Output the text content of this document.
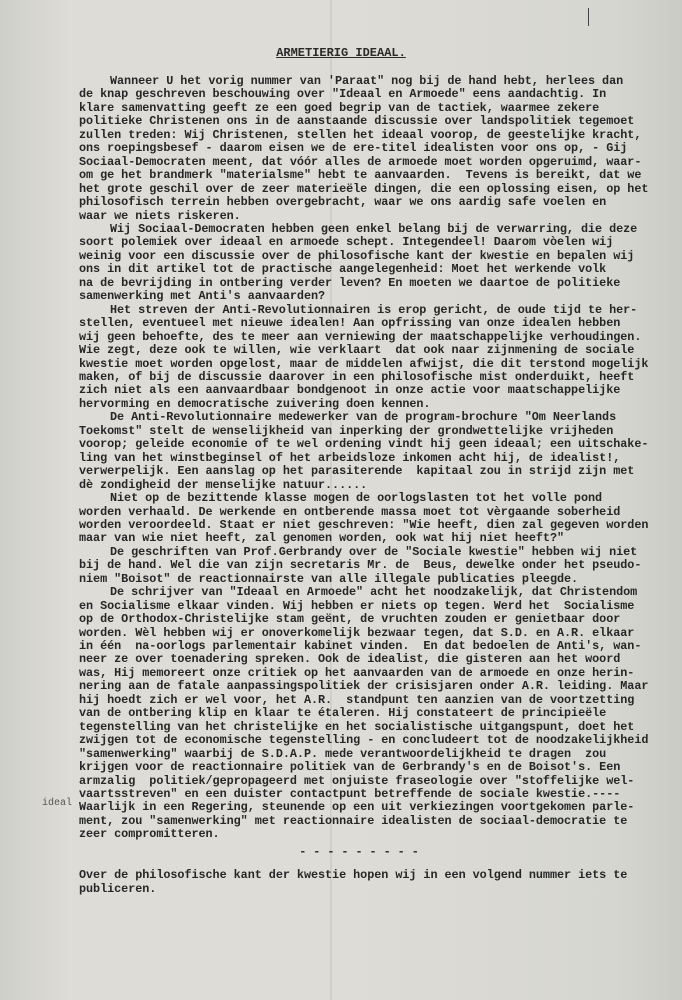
ARMETIERIG IDEAAL.
ideal
Wanneer U het vorig nummer van 'Paraat" nog bij de hand hebt, herlees dan
de knap geschreven beschouwing over "Ideaal en Armoede" eens aandachtig. In
klare samenvatting geeft ze een goed begrip van de tactiek, waarmee zekere
politieke Christenen ons in de aanstaande discussie over landspolitiek tegemoet
zullen treden: Wij Christenen, stellen het ideaal voorop, de geestelijke kracht,
ons roepingsbesef - daarom eisen we de ere-titel idealisten voor ons op, - Gij
Sociaal-Democraten meent, dat vóór alles de armoede moet worden opgeruimd, waar-
om ge het brandmerk "materialsme" hebt te aanvaarden.  Tevens is bereikt, dat we
het grote geschil over de zeer materieële dingen, die een oplossing eisen, op het
philosofisch terrein hebben overgebracht, waar we ons aardig safe voelen en
waar we niets riskeren.
Wij Sociaal-Democraten hebben geen enkel belang bij de verwarring, die deze
soort polemiek over ideaal en armoede schept. Integendeel! Daarom vòelen wij
weinig voor een discussie over de philosofische kant der kwestie en bepalen wij
ons in dit artikel tot de practische aangelegenheid: Moet het werkende volk
na de bevrijding in ontbering verder leven? En moeten we daartoe de politieke
samenwerking met Anti's aanvaarden?
Het streven der Anti-Revolutionnairen is erop gericht, de oude tijd te her-
stellen, eventueel met nieuwe idealen! Aan opfrissing van onze idealen hebben
wij geen behoefte, des te meer aan verniewing der maatschappelijke verhoudingen.
Wie zegt, deze ook te willen, wie verklaart  dat ook naar zijnmening de sociale
kwestie moet worden opgelost, maar de middelen afwijst, die dit terstond mogelijk
maken, of bij de discussie daarover in een philosofische mist onderduikt, heeft
zich niet als een aanvaardbaar bondgenoot in onze actie voor maatschappelijke
hervorming en democratische zuivering doen kennen.
De Anti-Revolutionnaire medewerker van de program-brochure "Om Neerlands
Toekomst" stelt de wenselijkheid van inperking der grondwettelijke vrijheden
voorop; geleide economie of te wel ordening vindt hij geen ideaal; een uitschake-
ling van het winstbeginsel of het arbeidsloze inkomen acht hij, de idealist!,
verwerpelijk. Een aanslag op het parasiterende  kapitaal zou in strijd zijn met
dè zondigheid der menselijke natuur......
Niet op de bezittende klasse mogen de oorlogslasten tot het volle pond
worden verhaald. De werkende en ontberende massa moet tot vèrgaande soberheid
worden veroordeeld. Staat er niet geschreven: "Wie heeft, dien zal gegeven worden
maar van wie niet heeft, zal genomen worden, ook wat hij niet heeft?"
De geschriften van Prof.Gerbrandy over de "Sociale kwestie" hebben wij niet
bij de hand. Wel die van zijn secretaris Mr. de  Beus, dewelke onder het pseudo-
niem "Boisot" de reactionnairste van alle illegale publicaties pleegde.
De schrijver van "Ideaal en Armoede" acht het noodzakelijk, dat Christendom
en Socialisme elkaar vinden. Wij hebben er niets op tegen. Werd het  Socialisme
op de Orthodox-Christelijke stam geënt, de vruchten zouden er genietbaar door
worden. Wèl hebben wij er onoverkomelijk bezwaar tegen, dat S.D. en A.R. elkaar
in één  na-oorlogs parlementair kabinet vinden.  En dat bedoelen de Anti's, wan-
neer ze over toenadering spreken. Ook de idealist, die gisteren aan het woord
was, Hij memoreert onze critiek op het aanvaarden van de armoede en onze herin-
nering aan de fatale aanpassingspolitiek der crisisjaren onder A.R. leiding. Maar
hij hoedt zich er wel voor, het A.R.  standpunt ten aanzien van de voortzetting
van de ontbering klip en klaar te étaleren. Hij constateert de principieële
tegenstelling van het christelijke en het socialistische uitgangspunt, doet het
zwijgen tot de economische tegenstelling - en concludeert tot de noodzakelijkheid
"samenwerking" waarbij de S.D.A.P. mede verantwoordelijkheid te dragen  zou
krijgen voor de reactionnaire politiek van de Gerbrandy's en de Boisot's. Een
armzalig  politiek/gepropageerd met onjuiste fraseologie over "stoffelijke wel-
vaartsstreven" en een duister contactpunt betreffende de sociale kwestie.----
Waarlijk in een Regering, steunende op een uit verkiezingen voortgekomen parle-
ment, zou "samenwerking" met reactionnaire idealisten de sociaal-democratie te
zeer compromitteren.
- - - - - - - - -
Over de philosofische kant der kwestie hopen wij in een volgend nummer iets te
publiceren.
